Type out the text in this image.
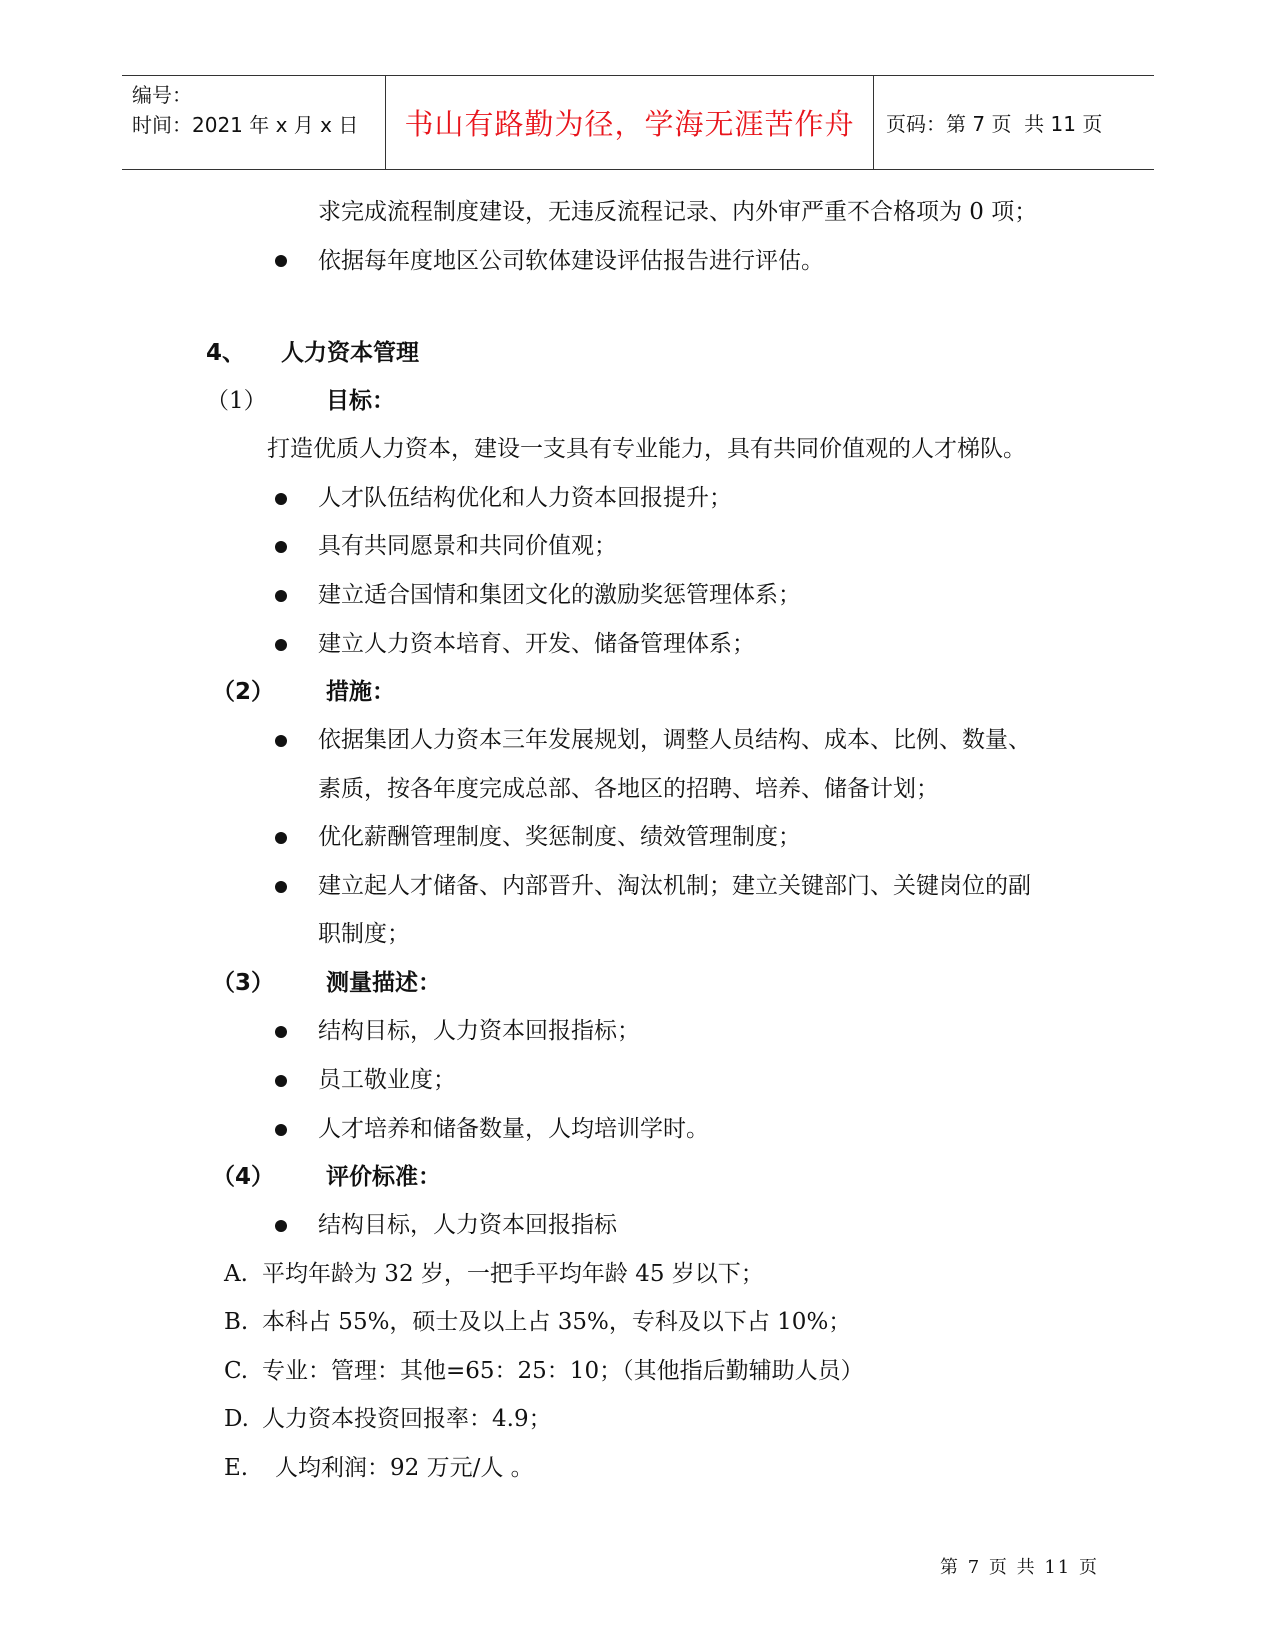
编号：
时间：2021 年 x 月 x 日	书山有路勤为径，学海无涯苦作舟 页码：第 7 页  共 11 页
求完成流程制度建设，无违反流程记录、内外审严重不合格项为 0 项；
依据每年度地区公司软体建设评估报告进行评估。
4、 人力资本管理
（1）	目标：
打造优质人力资本，建设一支具有专业能力，具有共同价值观的人才梯队。
人才队伍结构优化和人力资本回报提升；
具有共同愿景和共同价值观；
建立适合国情和集团文化的激励奖惩管理体系；
建立人力资本培育、开发、储备管理体系；
（2） 措施：
依据集团人力资本三年发展规划，调整人员结构、成本、比例、数量、
素质，按各年度完成总部、各地区的招聘、培养、储备计划；
优化薪酬管理制度、奖惩制度、绩效管理制度；
建立起人才储备、内部晋升、淘汰机制；建立关键部门、关键岗位的副
职制度；
（3） 测量描述：
结构目标，人力资本回报指标；
员工敬业度；
人才培养和储备数量，人均培训学时。
（4） 评价标准：
结构目标，人力资本回报指标
A. 平均年龄为 32 岁，一把手平均年龄 45 岁以下；
B. 本科占 55%，硕士及以上占 35%，专科及以下占 10%；
C. 专业：管理：其他=65：25：10；（其他指后勤辅助人员）
D. 人力资本投资回报率：4.9；
E. 人均利润：92 万元/人 。
第 7 页 共 11 页
